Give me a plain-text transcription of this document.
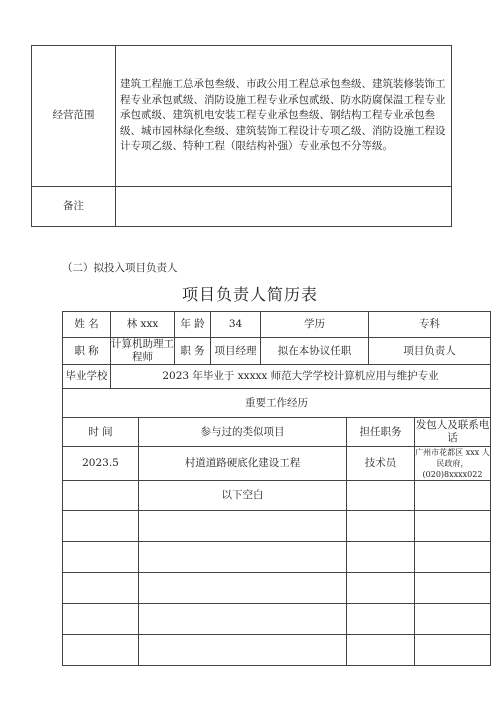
经营范围	建筑工程施工总承包叁级、市政公用工程总承包叁级、建筑装修装饰工程专业承包贰级、消防设施工程专业承包贰级、防水防腐保温工程专业承包贰级、建筑机电安装工程专业承包叁级、钢结构工程专业承包叁级、城市园林绿化叁级、建筑装饰工程设计专项乙级、消防设施工程设计专项乙级、特种工程（限结构补强）专业承包不分等级。
备注	
（二）拟投入项目负责人
项目负责人简历表
姓 名	林 xxx		年 龄	34	学历		专科	
职 称	计算机助理工程师		职 务	项目经理	拟在本协议任职		项目负责人	
毕业学校	2023 年毕业于 xxxxx 师范大学学校计算机应用与维护专业							
重要工作经历								
时 间		参与过的类似项目				担任职务		发包人及联系电话
2023.5		村道道路硬底化建设工程				技术员		广州市花都区 xxx 人民政府，(020)8xxxx022
		以下空白						
